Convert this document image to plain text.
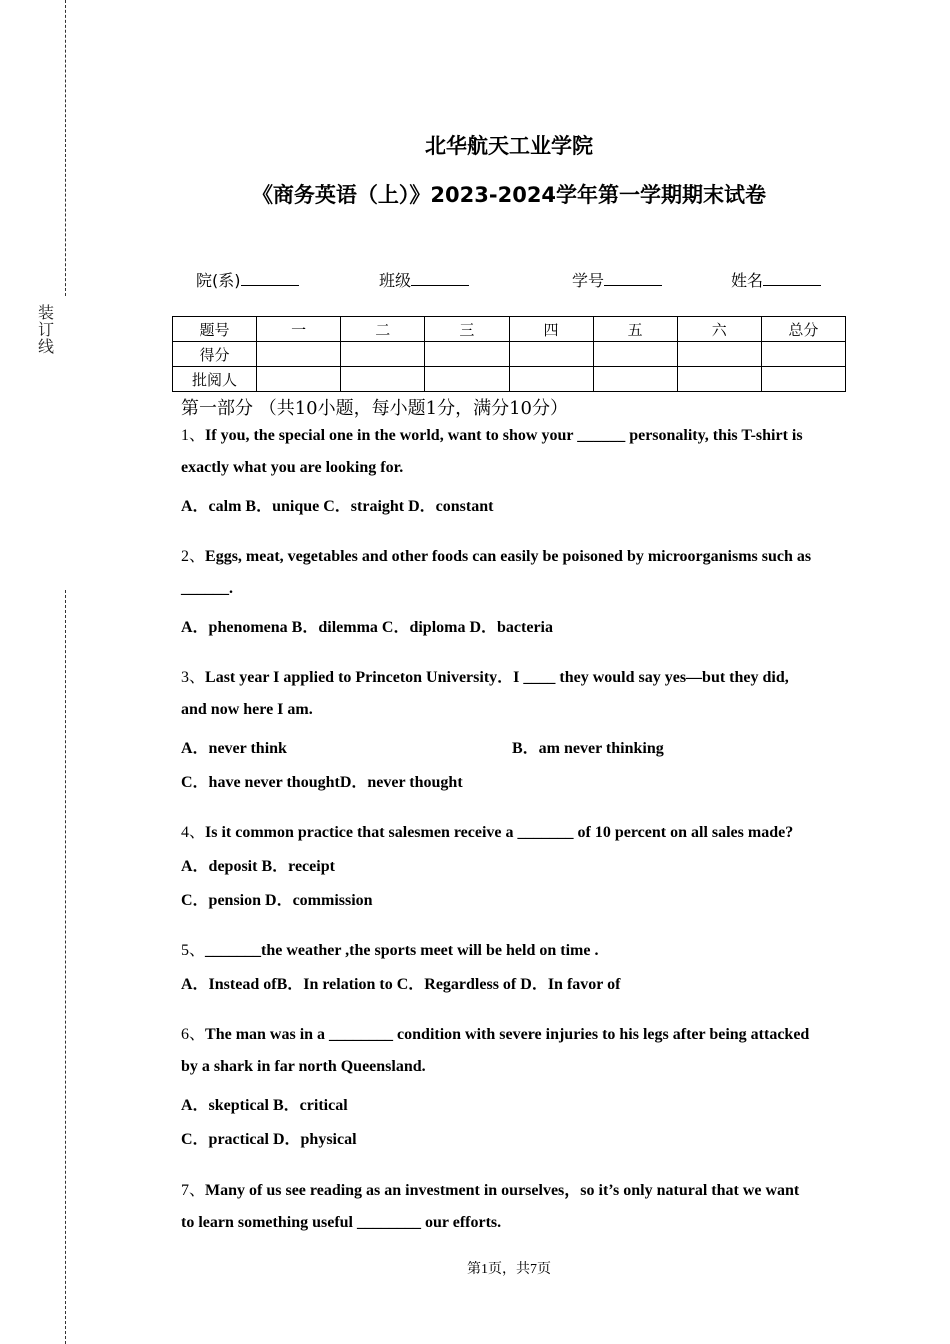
装
订
线
北华航天工业学院
《商务英语（上）》2023-2024学年第一学期期末试卷
院(系)	班级	学号	姓名
题号	一	二	三	四	五	六	总分
得分							
批阅人							
第一部分 （共10小题，每小题1分，满分10分）
1、If you, the special one in the world, want to show your ______ personality, this T-shirt is
exactly what you are looking for.
A．calm B．unique C．straight D．constant
2、Eggs, meat, vegetables and other foods can easily be poisoned by microorganisms such as
______.
A．phenomena B．dilemma C．diploma D．bacteria
3、Last year I applied to Princeton University．I ____ they would say yes—but they did,
and now here I am.
A．never think	B．am never thinking
C．have never thoughtD．never thought
4、Is it common practice that salesmen receive a _______ of 10 percent on all sales made?
A．deposit B．receipt
C．pension D．commission
5、_______the weather ,the sports meet will be held on time .
A．Instead ofB．In relation to C．Regardless of D．In favor of
6、The man was in a ________ condition with severe injuries to his legs after being attacked
by a shark in far north Queensland.
A．skeptical B．critical
C．practical D．physical
7、Many of us see reading as an investment in ourselves，so it’s only natural that we want
to learn something useful ________ our efforts.
第1页，共7页
